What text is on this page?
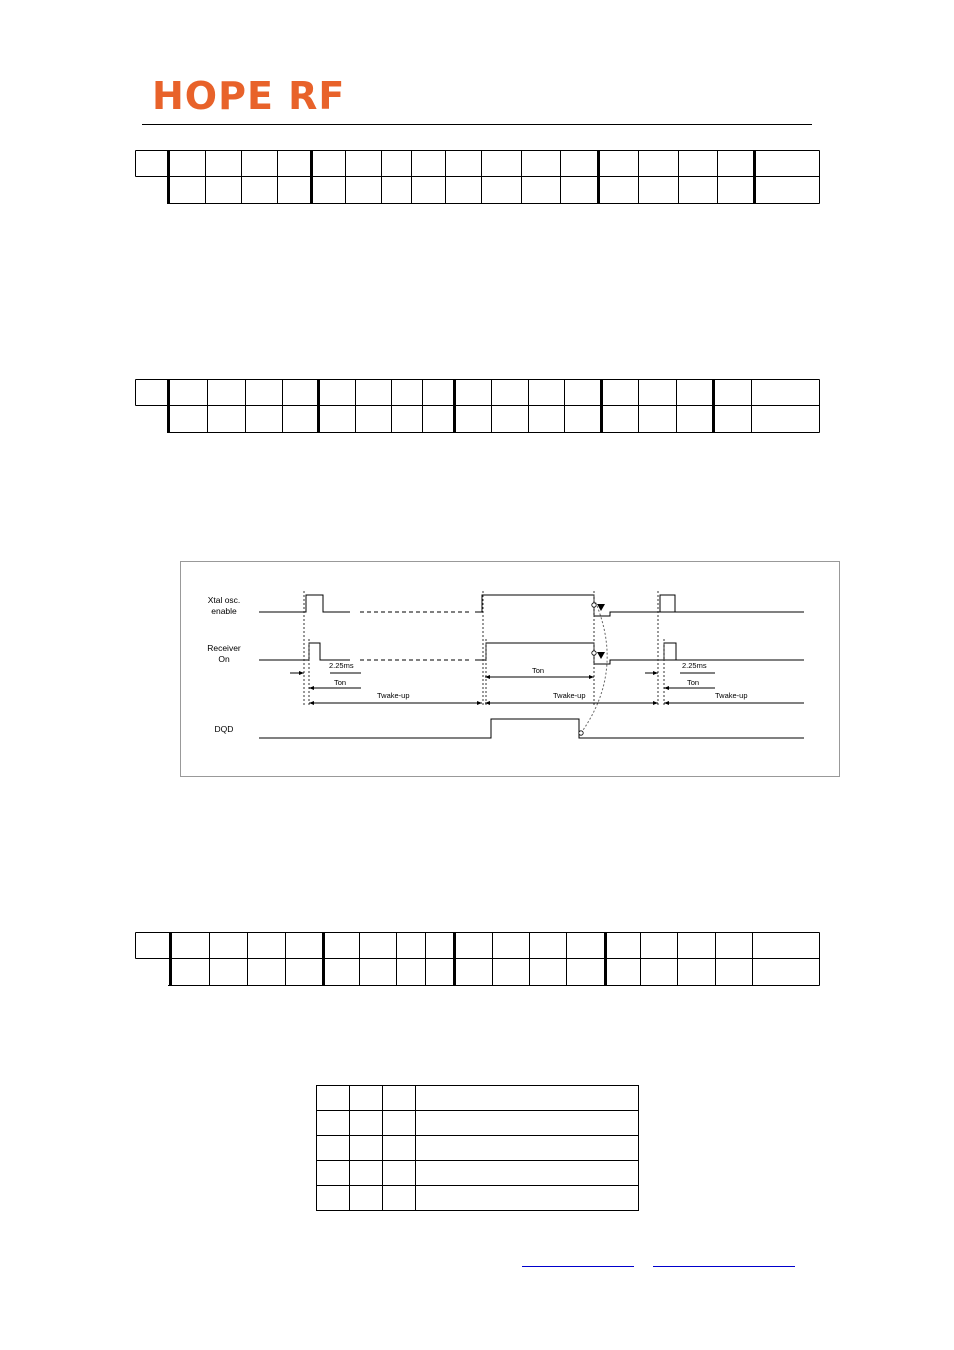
HOPE RF
Xtal osc.
enable
Receiver
On
DQD
2.25ms
Ton
Twake-up
Ton
Twake-up
2.25ms
Ton
Twake-up
